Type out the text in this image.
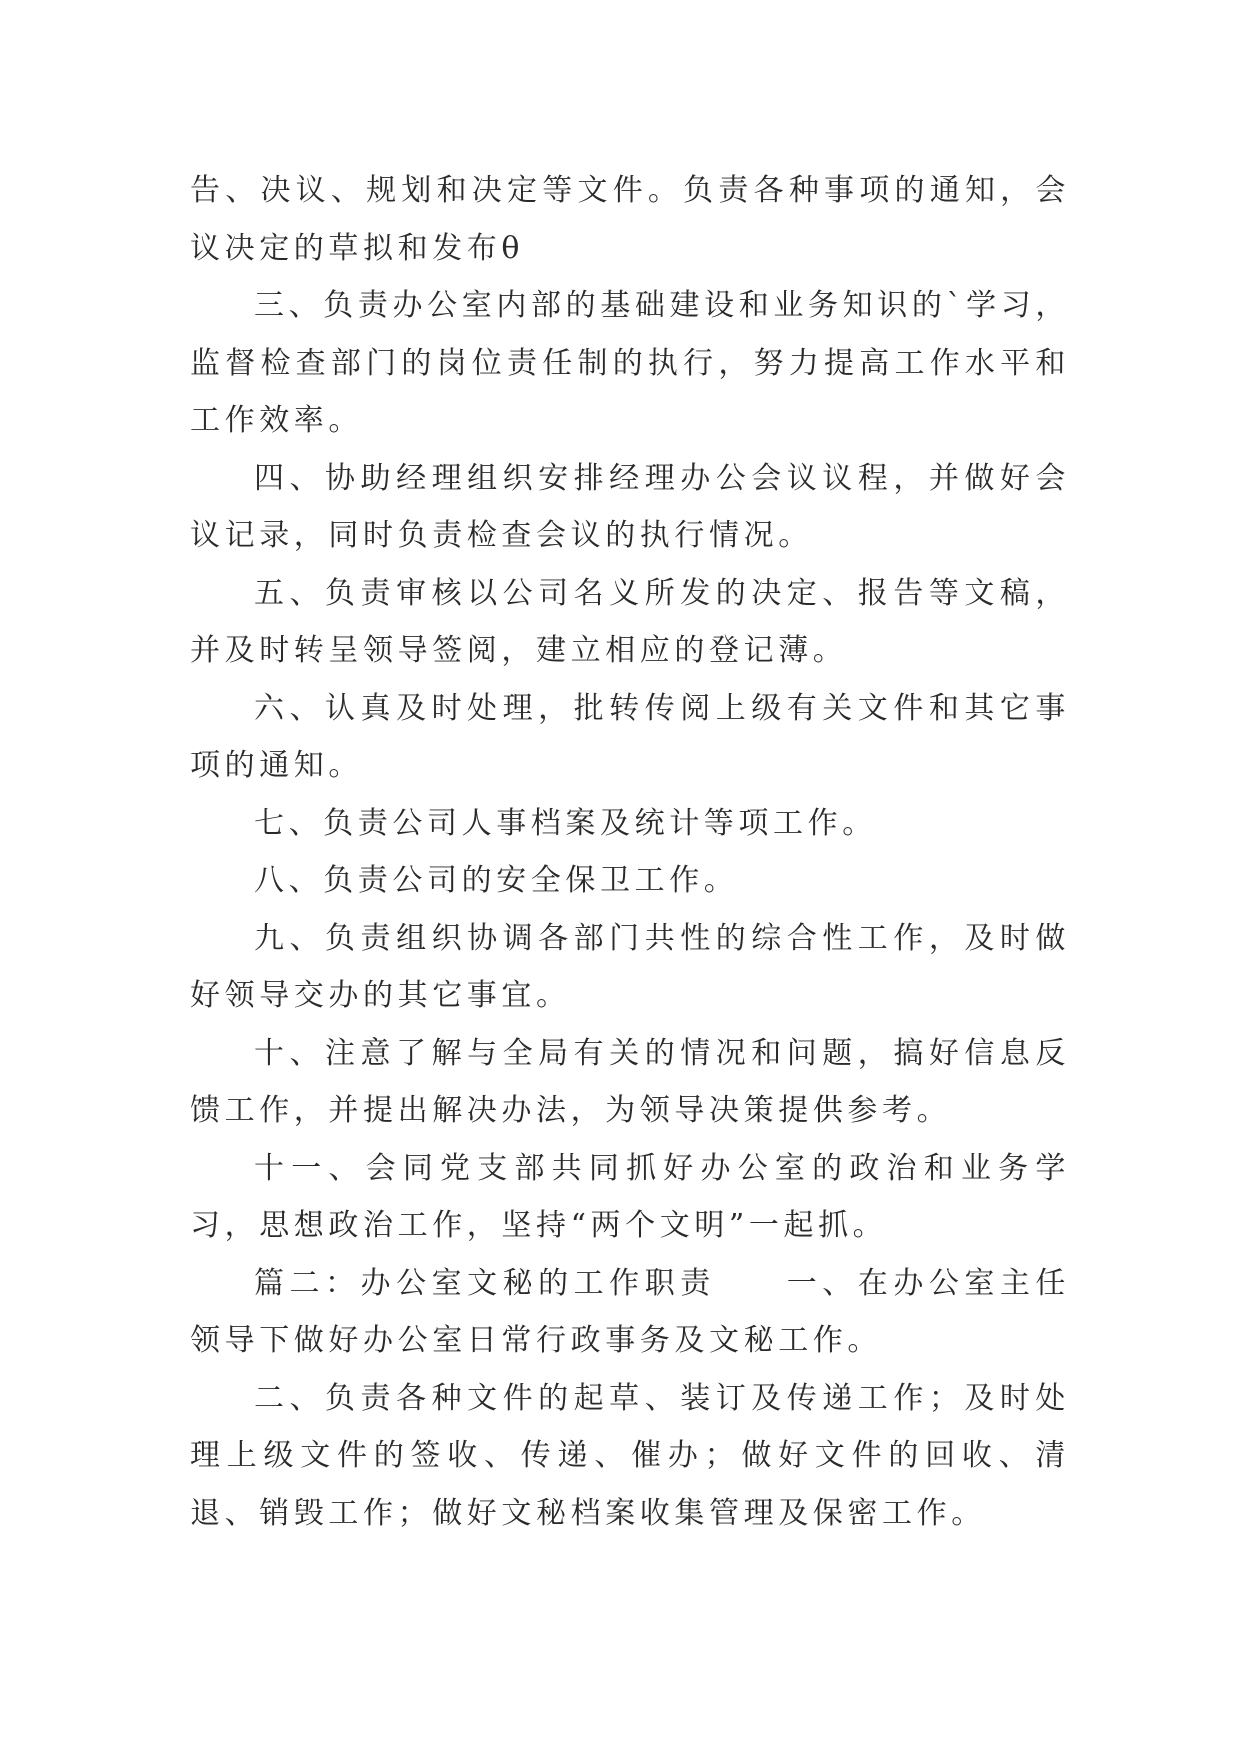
告、决议、规划和决定等文件。负责各种事项的通知，会议决定的草拟和发布θ

三、负责办公室内部的基础建设和业务知识的`学习，监督检查部门的岗位责任制的执行，努力提高工作水平和工作效率。

四、协助经理组织安排经理办公会议议程，并做好会议记录，同时负责检查会议的执行情况。

五、负责审核以公司名义所发的决定、报告等文稿，并及时转呈领导签阅，建立相应的登记薄。

六、认真及时处理，批转传阅上级有关文件和其它事项的通知。

七、负责公司人事档案及统计等项工作。

八、负责公司的安全保卫工作。

九、负责组织协调各部门共性的综合性工作，及时做好领导交办的其它事宜。

十、注意了解与全局有关的情况和问题，搞好信息反馈工作，并提出解决办法，为领导决策提供参考。

十一、会同党支部共同抓好办公室的政治和业务学习，思想政治工作，坚持“两个文明”一起抓。

篇二：办公室文秘的工作职责　　一、在办公室主任领导下做好办公室日常行政事务及文秘工作。

二、负责各种文件的起草、装订及传递工作；及时处理上级文件的签收、传递、催办；做好文件的回收、清退、销毁工作；做好文秘档案收集管理及保密工作。
